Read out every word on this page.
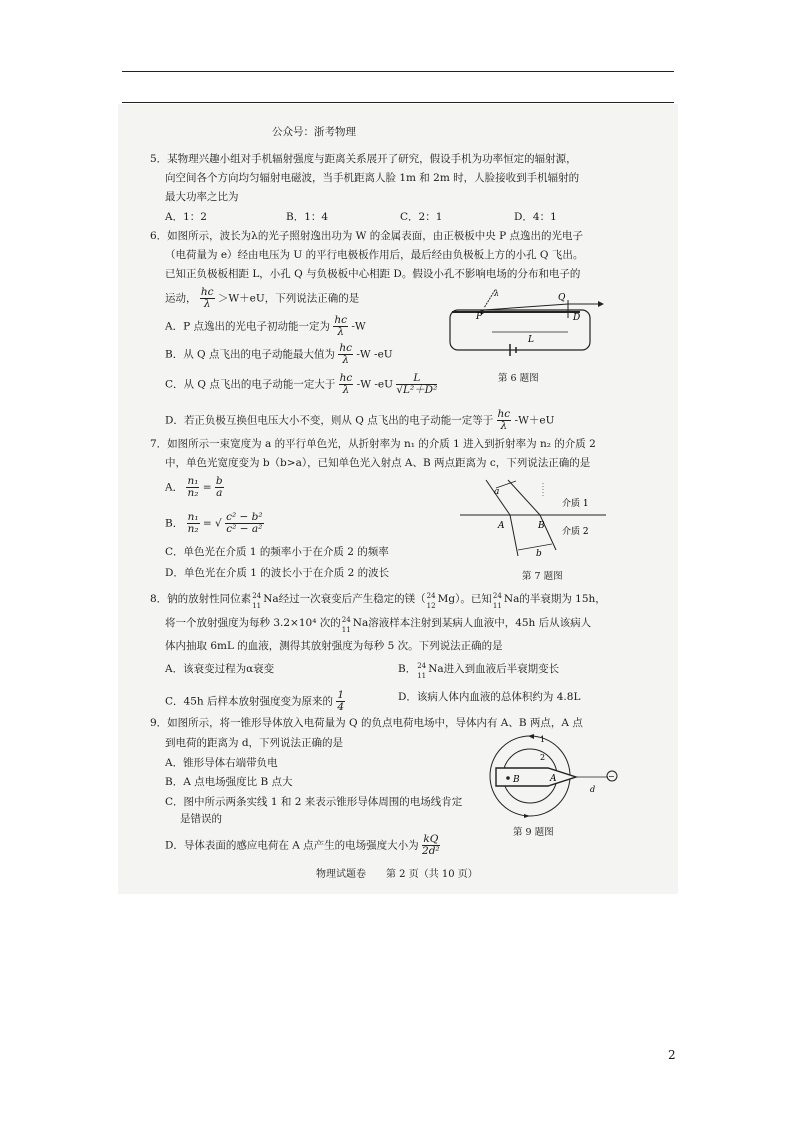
公众号：浙考物理
5．某物理兴趣小组对手机辐射强度与距离关系展开了研究，假设手机为功率恒定的辐射源，
向空间各个方向均匀辐射电磁波，当手机距离人脸 1m 和 2m 时，人脸接收到手机辐射的
最大功率之比为
A．1：2	B．1：4	C．2：1	D．4：1
6．如图所示，波长为λ的光子照射逸出功为 W 的金属表面，由正极板中央 P 点逸出的光电子
（电荷量为 e）经由电压为 U 的平行电极板作用后，最后经由负极板上方的小孔 Q 飞出。
已知正负极板相距 L，小孔 Q 与负极板中心相距 D。假设小孔不影响电场的分布和电子的
运动， $\frac{hc}{\lambda} >W+eU$，下列说法正确的是
A．P 点逸出的光电子初动能一定为 $\frac{hc}{\lambda} -W$
B．从 Q 点飞出的电子动能最大值为 $\frac{hc}{\lambda} -W$ -eU
C．从 Q 点飞出的电子动能一定大于 $\frac{hc}{\lambda} -W$ $-eU \frac{L}{\text{√L²＋D²}}$
D．若正负极互换但电压大小不变，则从 Q 点飞出的电子动能一定等于 $\frac{hc}{\lambda} -W+eU$
P
Q
D
L
λ
第 6 题图
7．如图所示一束宽度为 a 的平行单色光，从折射率为 n₁ 的介质 1 进入到折射率为 n₂ 的介质 2
中，单色光宽度变为 b（b>a），已知单色光入射点 A、B 两点距离为 c，下列说法正确的是
A． $\frac{\text{n₁}}{\text{n₂}} = \frac{b}{a}$
B． $\frac{\text{n₁}}{\text{n₂}}$ = √ $\frac{\text{c² − b²}}{\text{c² − a²}}$
C．单色光在介质 1 的频率小于在介质 2 的频率
D．单色光在介质 1 的波长小于在介质 2 的波长
a
A	B
b
介质 1
介质 2
第 7 题图
8．钠的放射性同位素 24
11
Na经过一次衰变后产生稳定的镁（ 24
12
Mg）。已知 24
11
Na的半衰期为 15h，
将一个放射强度为每秒 3.2×10⁴ 次的 24
11
Na溶液样本注射到某病人血液中，45h 后从该病人
体内抽取 6mL 的血液，测得其放射强度为每秒 5 次。下列说法正确的是
A．该衰变过程为α衰变	B． 24
11
Na进入到血液后半衰期变长
C．45h 后样本放射强度变为原来的 $\frac{1}{4}$	D．该病人体内血液的总体积约为 4.8L
9．如图所示，将一锥形导体放入电荷量为 Q 的负点电荷电场中，导体内有 A、B 两点，A 点
到电荷的距离为 d，下列说法正确的是
A．锥形导体右端带负电
B．A 点电场强度比 B 点大
C．图中所示两条实线 1 和 2 来表示锥形导体周围的电场线肯定
是错误的
D．导体表面的感应电荷在 A 点产生的电场强度大小为 $\frac{kQ}{\text{2d²}}$
−
B	A
1
2
d
第 9 题图
物理试题卷　　第 2 页（共 10 页）
2
